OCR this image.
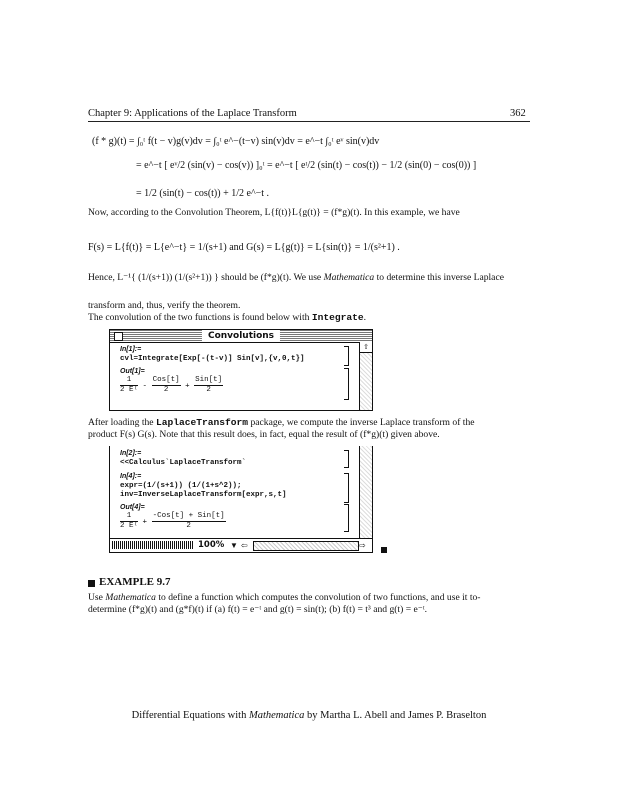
Chapter 9: Applications of the Laplace Transform	362
(f * g)(t) = ∫₀ᵗ f(t − v)g(v)dv = ∫₀ᵗ e^−(t−v) sin(v)dv = e^−t ∫₀ᵗ eᵛ sin(v)dv
= e^−t [ eᵛ/2 (sin(v) − cos(v)) ]₀ᵗ = e^−t [ eᵗ/2 (sin(t) − cos(t)) − 1/2 (sin(0) − cos(0)) ]
= 1/2 (sin(t) − cos(t)) + 1/2 e^−t .
Now, according to the Convolution Theorem, L{f(t)}L{g(t)} = (f*g)(t). In this example, we have
F(s) = L{f(t)} = L{e^−t} = 1/(s+1) and G(s) = L{g(t)} = L{sin(t)} = 1/(s²+1) .
Hence, L⁻¹{ (1/(s+1)) (1/(s²+1)) } should be (f*g)(t). We use Mathematica to determine this inverse Laplace
transform and, thus, verify the theorem.
The convolution of the two functions is found below with Integrate.
Convolutions
⇧
In[1]:=
cvl=Integrate[Exp[-(t-v)] Sin[v],{v,0,t}]
Out[1]=
$\frac{1}{\text{2 Eᵗ}} - \frac{\text{Cos[t]}}{2} + \frac{\text{Sin[t]}}{2}$
After loading the LaplaceTransform package, we compute the inverse Laplace transform of the
product F(s) G(s). Note that this result does, in fact, equal the result of (f*g)(t) given above.
In[2]:=
<<Calculus`LaplaceTransform`
In[4]:=
expr=(1/(s+1)) (1/(1+s^2));
inv=InverseLaplaceTransform[expr,s,t]
Out[4]=
$\frac{1}{\text{2 Eᵗ}} + \frac{\text{-Cos[t] + Sin[t]}}{2}$
100% ▼ ⇦	⇨
EXAMPLE 9.7
Use Mathematica to define a function which computes the convolution of two functions, and use it to-
determine (f*g)(t) and (g*f)(t) if (a) f(t) = e⁻ᵗ and g(t) = sin(t); (b) f(t) = t³ and g(t) = e⁻ᵗ.
Differential Equations with Mathematica by Martha L. Abell and James P. Braselton
